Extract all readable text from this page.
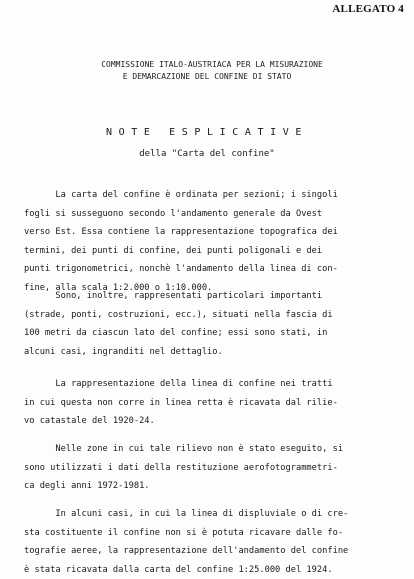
ALLEGATO 4
COMMISSIONE ITALO-AUSTRIACA PER LA MISURAZIONE
E DEMARCAZIONE DEL CONFINE DI STATO
NOTE ESPLICATIVE
della "Carta del confine"
La carta del confine è ordinata per sezioni; i singoli
fogli si susseguono secondo l'andamento generale da Ovest
verso Est. Essa contiene la rappresentazione topografica dei
termini, dei punti di confine, dei punti poligonali e dei
punti trigonometrici, nonchè l'andamento della linea di con-
fine, alla scala 1:2.000 o 1:10.000.
Sono, inoltre, rappresentati particolari importanti
(strade, ponti, costruzioni, ecc.), situati nella fascia di
100 metri da ciascun lato del confine; essi sono stati, in
alcuni casi, ingranditi nel dettaglio.
La rappresentazione della linea di confine nei tratti
in cui questa non corre in linea retta è ricavata dal rilie-
vo catastale del 1920-24.
Nelle zone in cui tale rilievo non è stato eseguito, si
sono utilizzati i dati della restituzione aerofotogrammetri-
ca degli anni 1972-1981.
In alcuni casi, in cui la linea di displuviale o di cre-
sta costituente il confine non si è potuta ricavare dalle fo-
tografie aeree, la rappresentazione dell'andamento del confine
è stata ricavata dalla carta del confine 1:25.000 del 1924.
